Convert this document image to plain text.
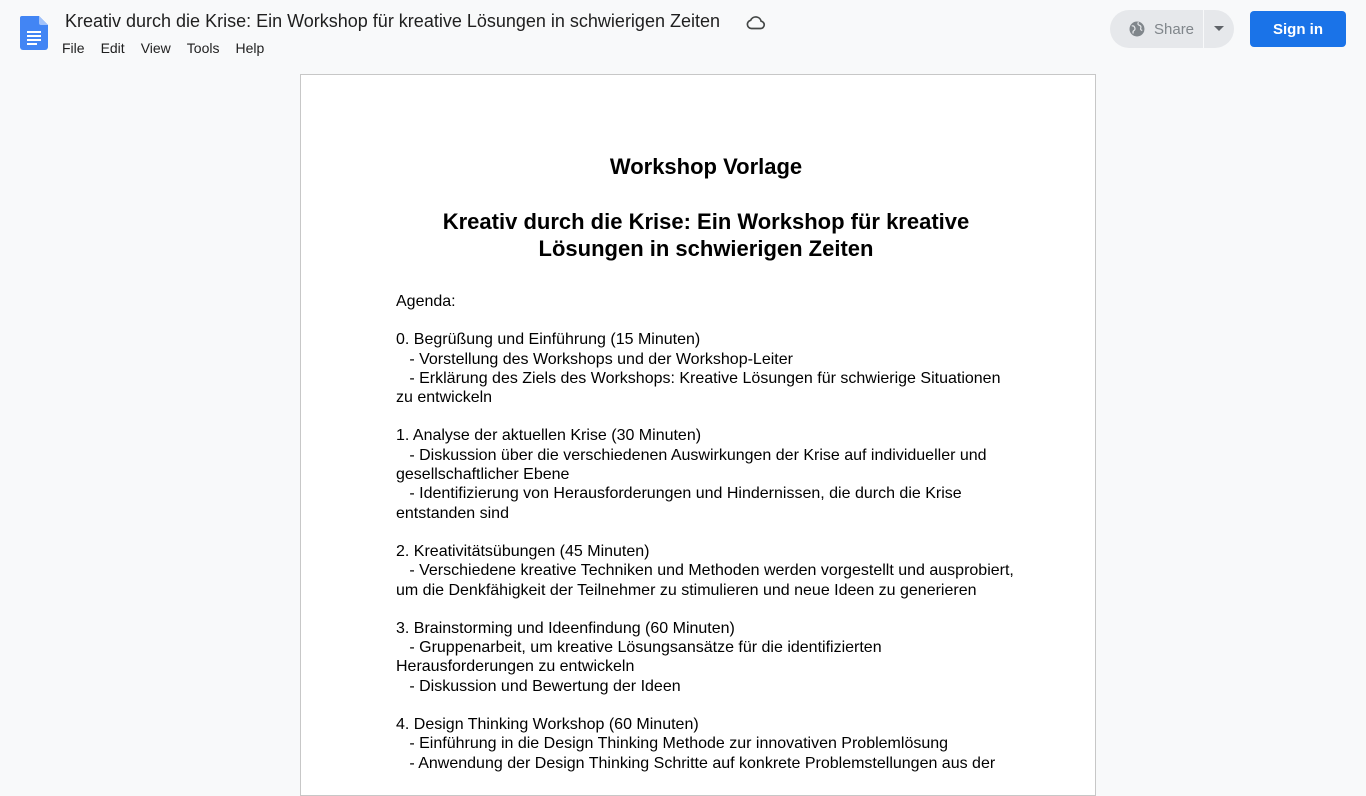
Kreativ durch die Krise: Ein Workshop für kreative Lösungen in schwierigen Zeiten
File	Edit	View	Tools	Help
Share	Sign in

Workshop Vorlage

Kreativ durch die Krise: Ein Workshop für kreative Lösungen in schwierigen Zeiten

Agenda:

0. Begrüßung und Einführung (15 Minuten)

- Vorstellung des Workshops und der Workshop-Leiter

- Erklärung des Ziels des Workshops: Kreative Lösungen für schwierige Situationen zu entwickeln

1. Analyse der aktuellen Krise (30 Minuten)

- Diskussion über die verschiedenen Auswirkungen der Krise auf individueller und gesellschaftlicher Ebene

- Identifizierung von Herausforderungen und Hindernissen, die durch die Krise entstanden sind

2. Kreativitätsübungen (45 Minuten)

- Verschiedene kreative Techniken und Methoden werden vorgestellt und ausprobiert, um die Denkfähigkeit der Teilnehmer zu stimulieren und neue Ideen zu generieren

3. Brainstorming und Ideenfindung (60 Minuten)

- Gruppenarbeit, um kreative Lösungsansätze für die identifizierten Herausforderungen zu entwickeln

- Diskussion und Bewertung der Ideen

4. Design Thinking Workshop (60 Minuten)

- Einführung in die Design Thinking Methode zur innovativen Problemlösung

- Anwendung der Design Thinking Schritte auf konkrete Problemstellungen aus der
